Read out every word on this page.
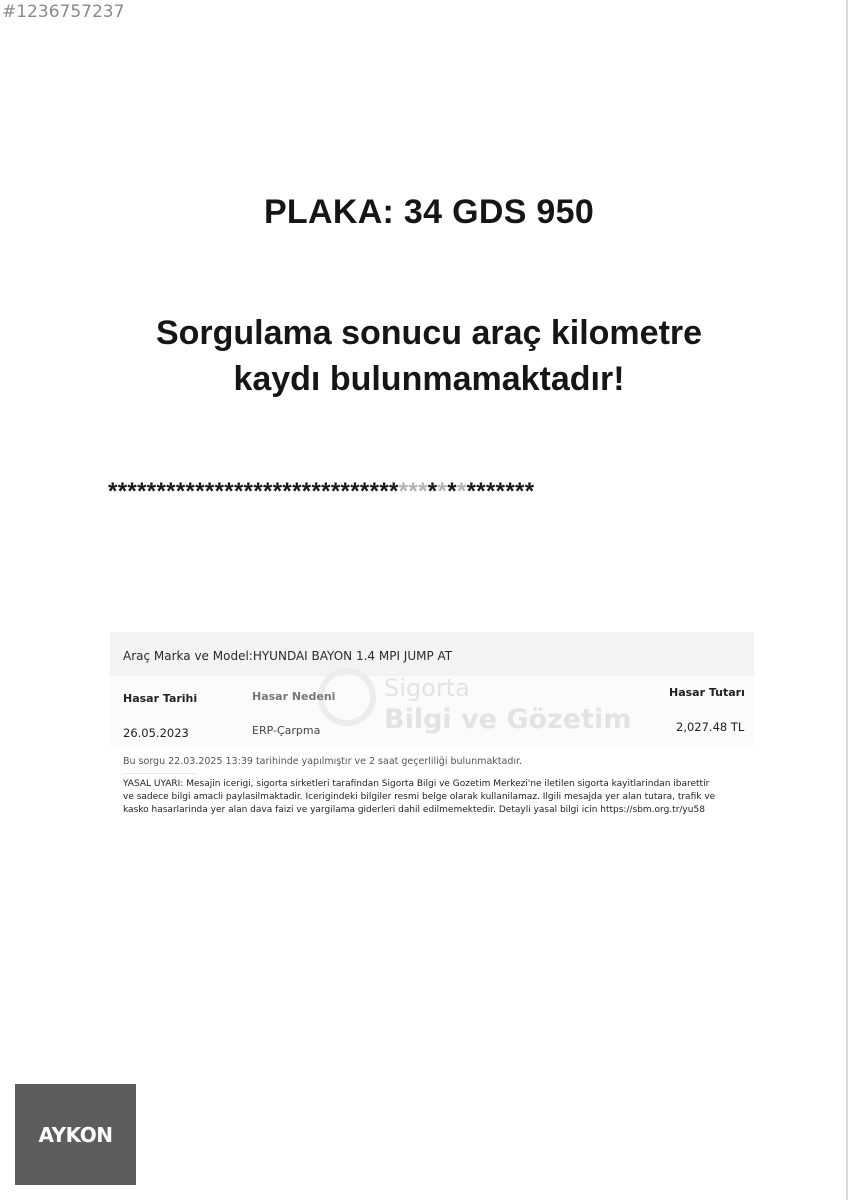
#1236757237
PLAKA: 34 GDS 950
Sorgulama sonucu araç kilometre
kaydı bulunmamaktadır!
********************************************
Sigorta
Bilgi ve Gözetim
Araç Marka ve Model:HYUNDAI BAYON 1.4 MPI JUMP AT
Hasar Tarihi	Hasar Nedeni	Hasar Tutarı
26.05.2023	ERP-Çarpma	2,027.48 TL
Bu sorgu 22.03.2025 13:39 tarihinde yapılmıştır ve 2 saat geçerliliği bulunmaktadır.
..............................................
YASAL UYARI: Mesajin icerigi, sigorta sirketleri tarafindan Sigorta Bilgi ve Gozetim Merkezi'ne iletilen sigorta kayitlarindan ibarettir
ve sadece bilgi amacli paylasilmaktadir. Icerigindeki bilgiler resmi belge olarak kullanilamaz. Ilgili mesajda yer alan tutara, trafik ve
kasko hasarlarinda yer alan dava faizi ve yargilama giderleri dahil edilmemektedir. Detayli yasal bilgi icin https://sbm.org.tr/yu58
AYKON
